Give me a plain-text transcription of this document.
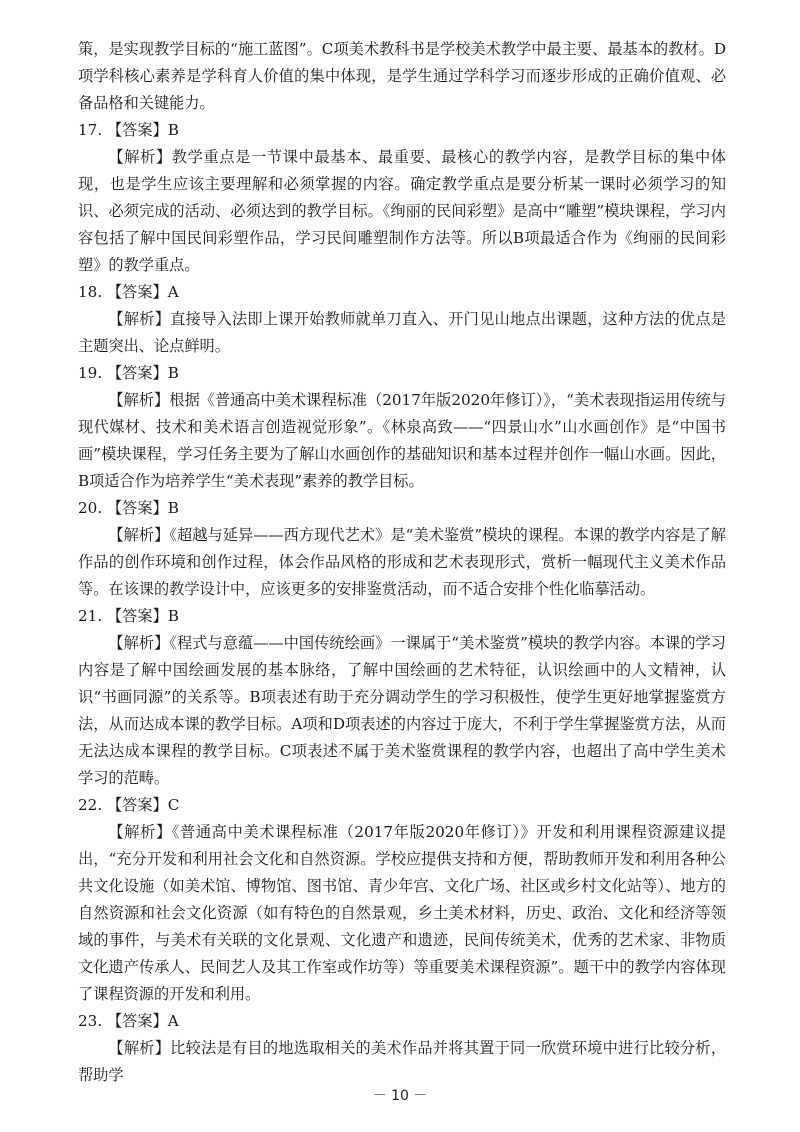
策，是实现教学目标的“施工蓝图”。C项美术教科书是学校美术教学中最主要、最基本的教材。D项学科核心素养是学科育人价值的集中体现，是学生通过学科学习而逐步形成的正确价值观、必备品格和关键能力。

17. 【答案】B

【解析】教学重点是一节课中最基本、最重要、最核心的教学内容，是教学目标的集中体现，也是学生应该主要理解和必须掌握的内容。确定教学重点是要分析某一课时必须学习的知识、必须完成的活动、必须达到的教学目标。《绚丽的民间彩塑》是高中“雕塑”模块课程，学习内容包括了解中国民间彩塑作品，学习民间雕塑制作方法等。所以B项最适合作为《绚丽的民间彩塑》的教学重点。

18. 【答案】A

【解析】直接导入法即上课开始教师就单刀直入、开门见山地点出课题，这种方法的优点是主题突出、论点鲜明。

19. 【答案】B

【解析】根据《普通高中美术课程标准（2017年版2020年修订）》，“美术表现指运用传统与现代媒材、技术和美术语言创造视觉形象”。《林泉高致——“四景山水”山水画创作》是“中国书画”模块课程，学习任务主要为了解山水画创作的基础知识和基本过程并创作一幅山水画。因此，B项适合作为培养学生“美术表现”素养的教学目标。

20. 【答案】B

【解析】《超越与延异——西方现代艺术》是“美术鉴赏”模块的课程。本课的教学内容是了解作品的创作环境和创作过程，体会作品风格的形成和艺术表现形式，赏析一幅现代主义美术作品等。在该课的教学设计中，应该更多的安排鉴赏活动，而不适合安排个性化临摹活动。

21. 【答案】B

【解析】《程式与意蕴——中国传统绘画》一课属于“美术鉴赏”模块的教学内容。本课的学习内容是了解中国绘画发展的基本脉络，了解中国绘画的艺术特征，认识绘画中的人文精神，认识“书画同源”的关系等。B项表述有助于充分调动学生的学习积极性，使学生更好地掌握鉴赏方法，从而达成本课的教学目标。A项和D项表述的内容过于庞大，不利于学生掌握鉴赏方法，从而无法达成本课程的教学目标。C项表述不属于美术鉴赏课程的教学内容，也超出了高中学生美术学习的范畴。

22. 【答案】C

【解析】《普通高中美术课程标准（2017年版2020年修订）》开发和利用课程资源建议提出，“充分开发和利用社会文化和自然资源。学校应提供支持和方便，帮助教师开发和利用各种公共文化设施（如美术馆、博物馆、图书馆、青少年宫、文化广场、社区或乡村文化站等）、地方的自然资源和社会文化资源（如有特色的自然景观，乡土美术材料，历史、政治、文化和经济等领域的事件，与美术有关联的文化景观、文化遗产和遗迹，民间传统美术，优秀的艺术家、非物质文化遗产传承人、民间艺人及其工作室或作坊等）等重要美术课程资源”。题干中的教学内容体现了课程资源的开发和利用。

23. 【答案】A

【解析】比较法是有目的地选取相关的美术作品并将其置于同一欣赏环境中进行比较分析，帮助学

－ 10 －
